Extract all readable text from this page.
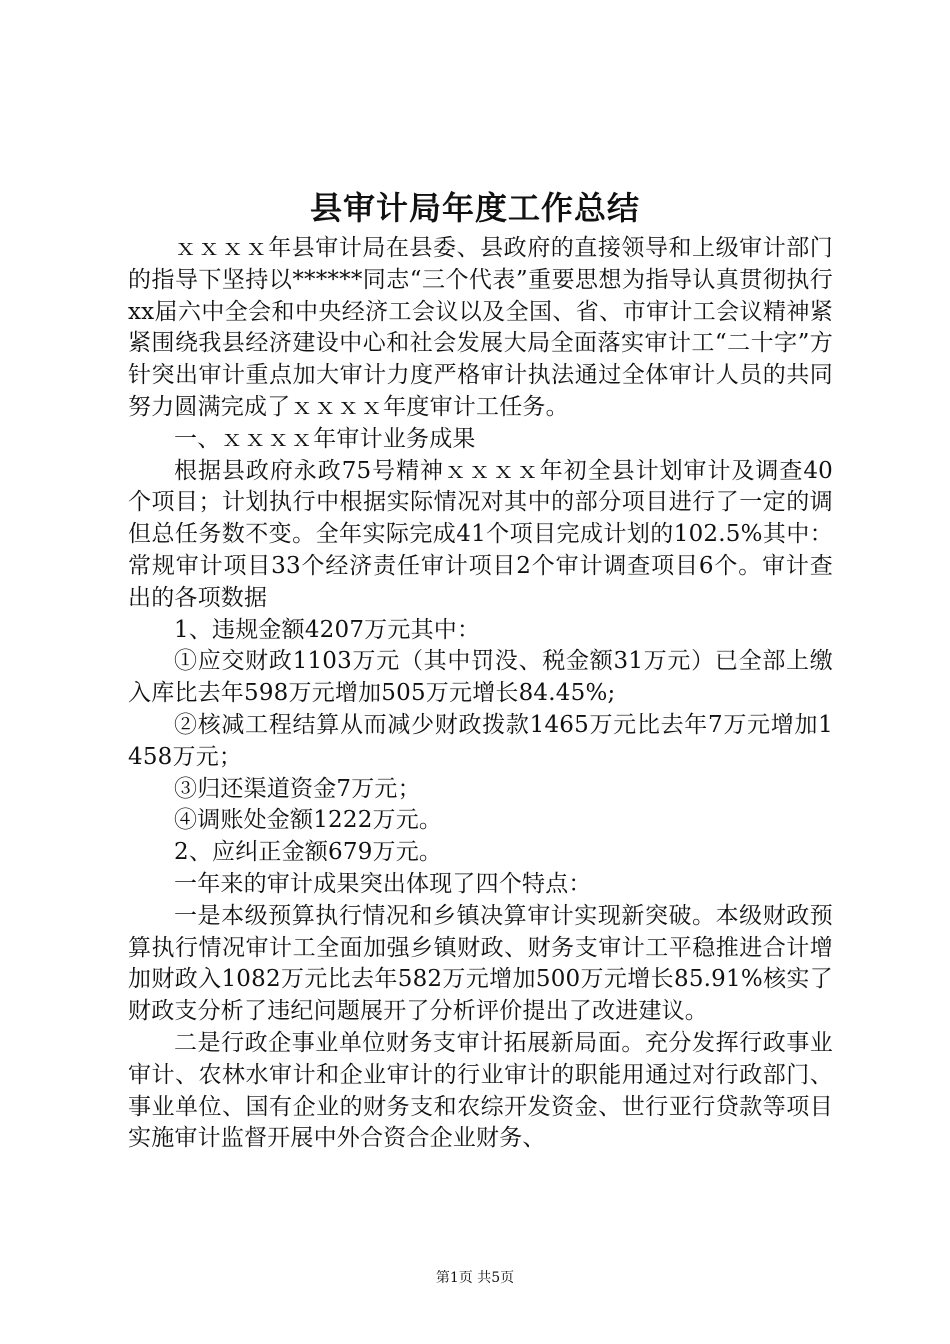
县审计局年度工作总结

ｘｘｘｘ年县审计局在县委、县政府的直接领导和上级审计部门的指导下坚持以******同志“三个代表”重要思想为指导认真贯彻执行xx届六中全会和中央经济工会议以及全国、省、市审计工会议精神紧紧围绕我县经济建设中心和社会发展大局全面落实审计工“二十字”方针突出审计重点加大审计力度严格审计执法通过全体审计人员的共同努力圆满完成了ｘｘｘｘ年度审计工任务。

一、ｘｘｘｘ年审计业务成果

根据县政府永政75号精神ｘｘｘｘ年初全县计划审计及调查40个项目；计划执行中根据实际情况对其中的部分项目进行了一定的调但总任务数不变。全年实际完成41个项目完成计划的102.5%其中：常规审计项目33个经济责任审计项目2个审计调查项目6个。审计查出的各项数据

1、违规金额4207万元其中：

①应交财政1103万元（其中罚没、税金额31万元）已全部上缴入库比去年598万元增加505万元增长84.45%;

②核减工程结算从而减少财政拨款1465万元比去年7万元增加1458万元；

③归还渠道资金7万元；

④调账处金额1222万元。

2、应纠正金额679万元。

一年来的审计成果突出体现了四个特点：

一是本级预算执行情况和乡镇决算审计实现新突破。本级财政预算执行情况审计工全面加强乡镇财政、财务支审计工平稳推进合计增加财政入1082万元比去年582万元增加500万元增长85.91%核实了财政支分析了违纪问题展开了分析评价提出了改进建议。

二是行政企事业单位财务支审计拓展新局面。充分发挥行政事业审计、农林水审计和企业审计的行业审计的职能用通过对行政部门、事业单位、国有企业的财务支和农综开发资金、世行亚行贷款等项目实施审计监督开展中外合资合企业财务、

第1页 共5页
